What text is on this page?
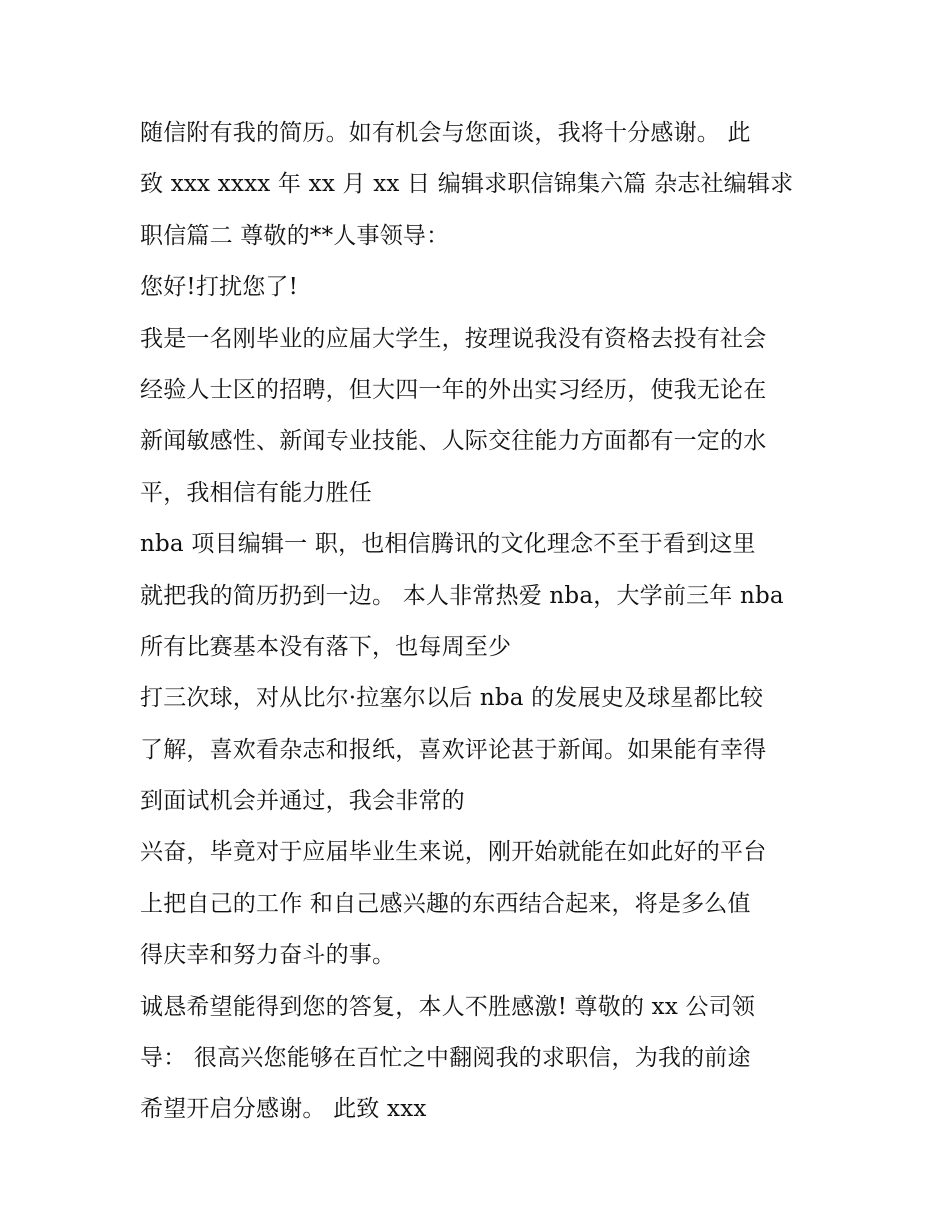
随信附有我的简历。如有机会与您面谈，我将十分感谢。 此
致 xxx xxxx 年 xx 月 xx 日 编辑求职信锦集六篇 杂志社编辑求
职信篇二 尊敬的**人事领导：
您好!打扰您了!
我是一名刚毕业的应届大学生，按理说我没有资格去投有社会
经验人士区的招聘，但大四一年的外出实习经历，使我无论在
新闻敏感性、新闻专业技能、人际交往能力方面都有一定的水
平，我相信有能力胜任
nba 项目编辑一 职，也相信腾讯的文化理念不至于看到这里
就把我的简历扔到一边。 本人非常热爱 nba，大学前三年 nba
所有比赛基本没有落下，也每周至少
打三次球，对从比尔·拉塞尔以后 nba 的发展史及球星都比较
了解，喜欢看杂志和报纸，喜欢评论甚于新闻。如果能有幸得
到面试机会并通过，我会非常的
兴奋，毕竟对于应届毕业生来说，刚开始就能在如此好的平台
上把自己的工作 和自己感兴趣的东西结合起来，将是多么值
得庆幸和努力奋斗的事。
诚恳希望能得到您的答复，本人不胜感激! 尊敬的 xx 公司领
导： 很高兴您能够在百忙之中翻阅我的求职信，为我的前途
希望开启分感谢。 此致 xxx
